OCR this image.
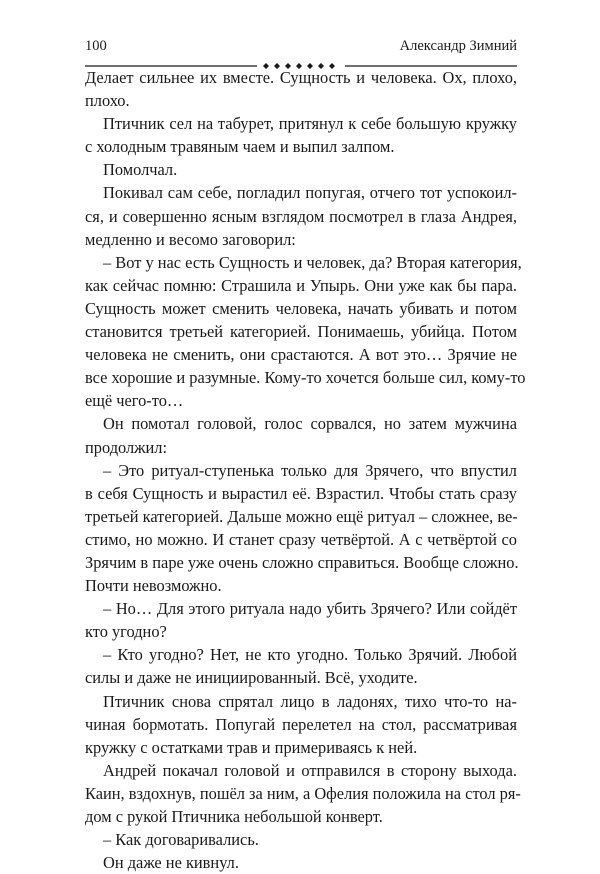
100	Александр Зимний
Делает сильнее их вместе. Сущность и человека. Ох, плохо,
плохо.
Птичник сел на табурет, притянул к себе большую кружку
с холодным травяным чаем и выпил залпом.
Помолчал.
Покивал сам себе, погладил попугая, отчего тот успокоил-
ся, и совершенно ясным взглядом посмотрел в глаза Андрея,
медленно и весомо заговорил:
– Вот у нас есть Сущность и человек, да? Вторая категория,
как сейчас помню: Страшила и Упырь. Они уже как бы пара.
Сущность может сменить человека, начать убивать и потом
становится третьей категорией. Понимаешь, убийца. Потом
человека не сменить, они срастаются. А вот это… Зрячие не
все хорошие и разумные. Кому-то хочется больше сил, кому-то
ещё чего-то…
Он помотал головой, голос сорвался, но затем мужчина
продолжил:
– Это ритуал-ступенька только для Зрячего, что впустил
в себя Сущность и вырастил её. Взрастил. Чтобы стать сразу
третьей категорией. Дальше можно ещё ритуал – сложнее, ве-
стимо, но можно. И станет сразу четвёртой. А с четвёртой со
Зрячим в паре уже очень сложно справиться. Вообще сложно.
Почти невозможно.
– Но… Для этого ритуала надо убить Зрячего? Или сойдёт
кто угодно?
– Кто угодно? Нет, не кто угодно. Только Зрячий. Любой
силы и даже не инициированный. Всё, уходите.
Птичник снова спрятал лицо в ладонях, тихо что-то на-
чиная бормотать. Попугай перелетел на стол, рассматривая
кружку с остатками трав и примериваясь к ней.
Андрей покачал головой и отправился в сторону выхода.
Каин, вздохнув, пошёл за ним, а Офелия положила на стол ря-
дом с рукой Птичника небольшой конверт.
– Как договаривались.
Он даже не кивнул.
